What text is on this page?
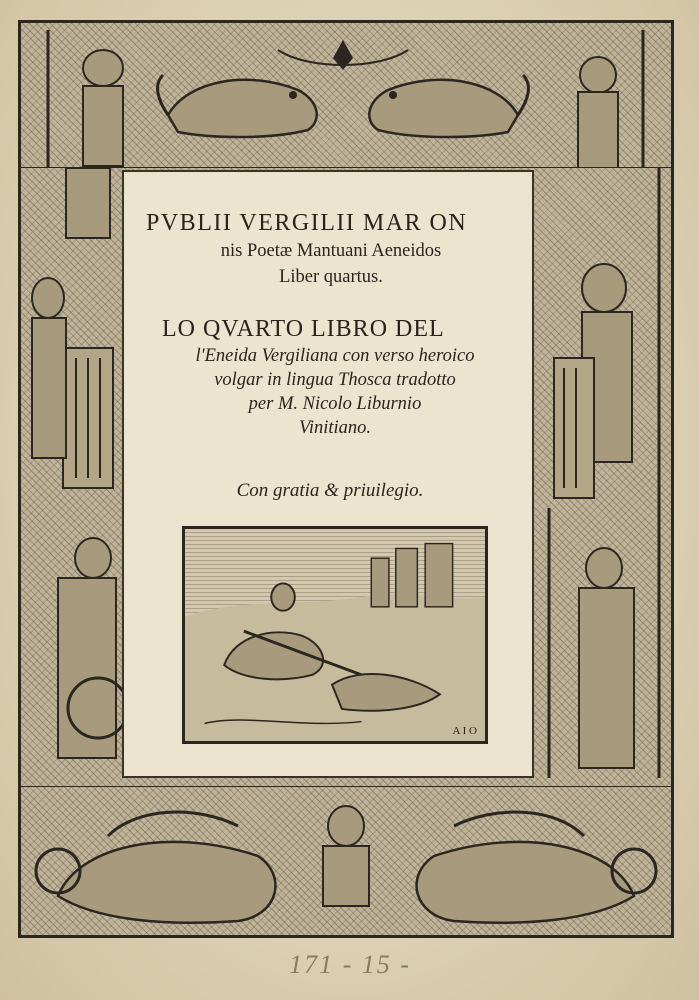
PVBLII VERGILII MAR ON
nis Poetæ Mantuani Aeneidos
Liber quartus.
LO QVARTO LIBRO DEL
l'Eneida Vergiliana con verso heroico
volgar in lingua Thosca tradotto
per M. Nicolo Liburnio
Vinitiano.
Con gratia & priuilegio.
A I O
171 - 15 -
